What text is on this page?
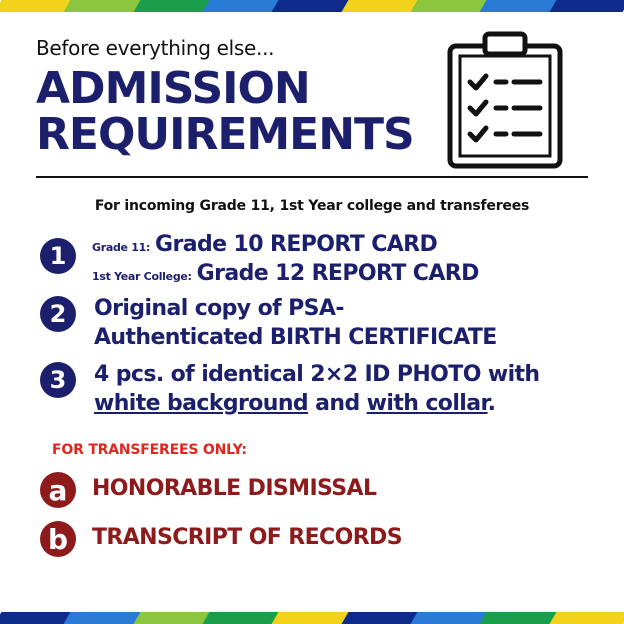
Before everything else...
ADMISSION
REQUIREMENTS
For incoming Grade 11, 1st Year college and transferees
1	Grade 11: Grade 10 REPORT CARD
1st Year College: Grade 12 REPORT CARD
2	Original copy of PSA-
Authenticated BIRTH CERTIFICATE
3	4 pcs. of identical 2×2 ID PHOTO with
white background and with collar.
FOR TRANSFEREES ONLY:
a	HONORABLE DISMISSAL
b	TRANSCRIPT OF RECORDS
